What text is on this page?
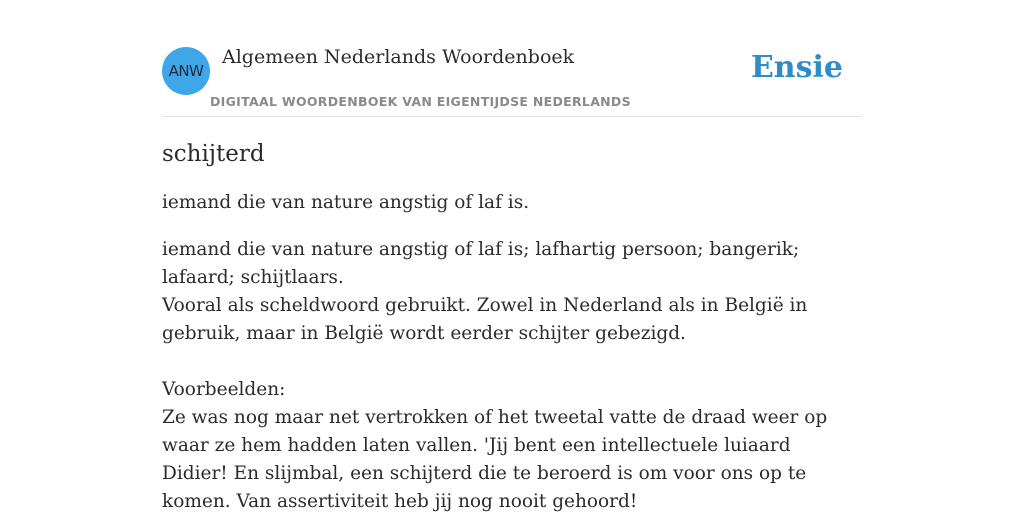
ANW
Algemeen Nederlands Woordenboek
DIGITAAL WOORDENBOEK VAN EIGENTIJDSE NEDERLANDS
Ensie
schijterd

iemand die van nature angstig of laf is.

iemand die van nature angstig of laf is; lafhartig persoon; bangerik; lafaard; schijtlaars.

Vooral als scheldwoord gebruikt. Zowel in Nederland als in België in gebruik, maar in België wordt eerder schijter gebezigd.

Voorbeelden:

Ze was nog maar net vertrokken of het tweetal vatte de draad weer op waar ze hem hadden laten vallen. 'Jij bent een intellectuele luiaard Didier! En slijmbal, een schijterd die te beroerd is om voor ons op te komen. Van assertiviteit heb jij nog nooit gehoord!
